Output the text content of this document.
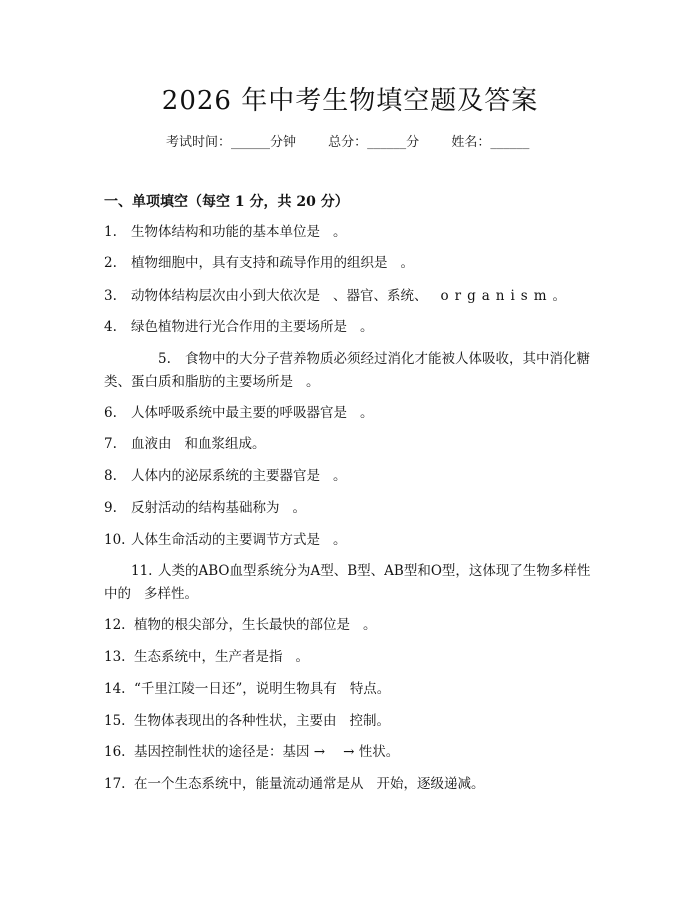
2026 年中考生物填空题及答案
考试时间：______分钟 总分：______分 姓名：______
一、单项填空（每空 1 分，共 20 分）
1. 生物体结构和功能的基本单位是 。
2. 植物细胞中，具有支持和疏导作用的组织是 。
3. 动物体结构层次由小到大依次是 、器官、系统、 organism。
4. 绿色植物进行光合作用的主要场所是 。
5. 食物中的大分子营养物质必须经过消化才能被人体吸收，其中消化糖类、蛋白质和脂肪的主要场所是 。
6. 人体呼吸系统中最主要的呼吸器官是 。
7. 血液由 和血浆组成。
8. 人体内的泌尿系统的主要器官是 。
9. 反射活动的结构基础称为 。
10. 人体生命活动的主要调节方式是 。
11. 人类的ABO血型系统分为A型、B型、AB型和O型，这体现了生物多样性中的 多样性。
12. 植物的根尖部分，生长最快的部位是 。
13. 生态系统中，生产者是指 。
14. “千里江陵一日还”，说明生物具有 特点。
15. 生物体表现出的各种性状，主要由 控制。
16. 基因控制性状的途径是：基因 → → 性状。
17. 在一个生态系统中，能量流动通常是从 开始，逐级递减。
